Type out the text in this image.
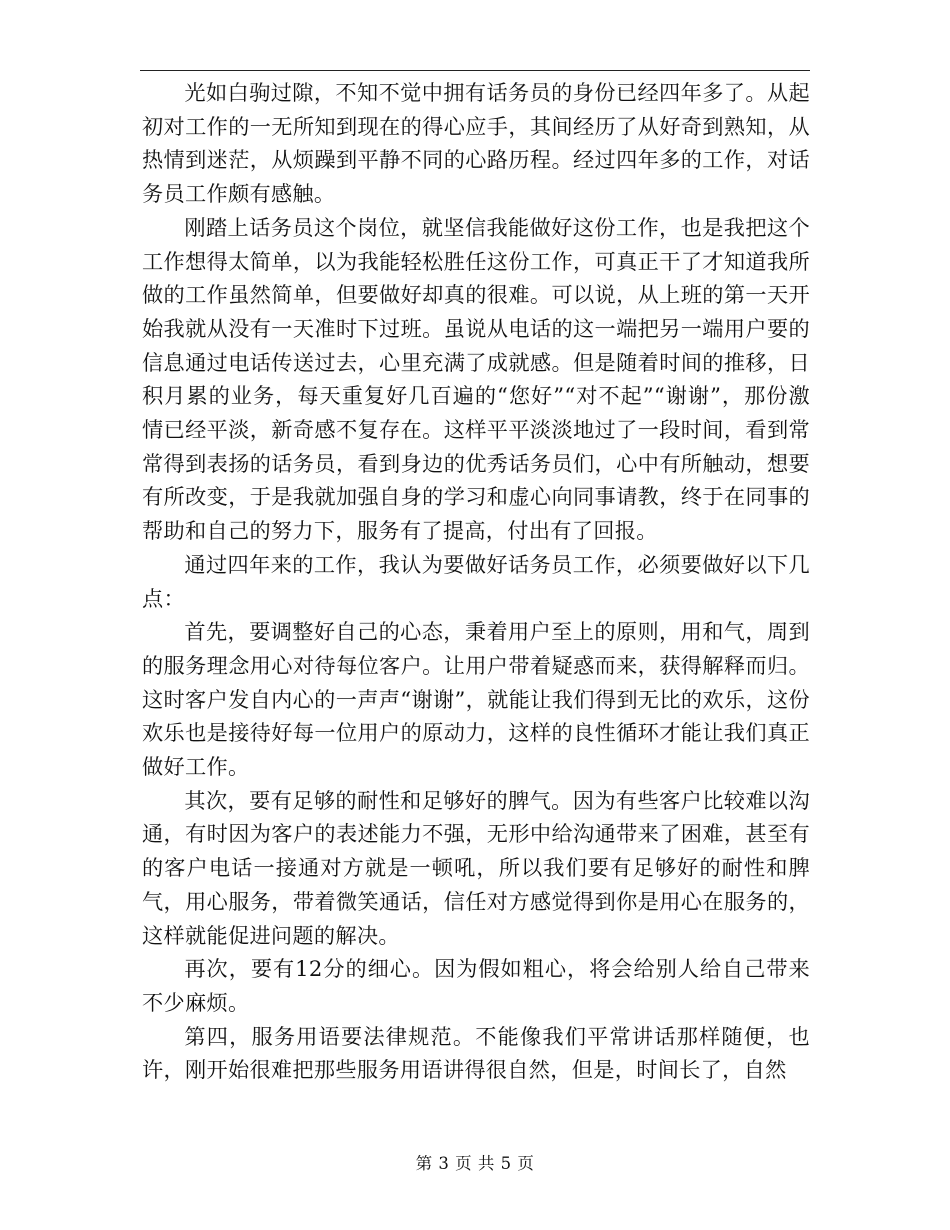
光如白驹过隙，不知不觉中拥有话务员的身份已经四年多了。从起初对工作的一无所知到现在的得心应手，其间经历了从好奇到熟知，从热情到迷茫，从烦躁到平静不同的心路历程。经过四年多的工作，对话务员工作颇有感触。

刚踏上话务员这个岗位，就坚信我能做好这份工作，也是我把这个工作想得太简单，以为我能轻松胜任这份工作，可真正干了才知道我所做的工作虽然简单，但要做好却真的很难。可以说，从上班的第一天开始我就从没有一天准时下过班。虽说从电话的这一端把另一端用户要的信息通过电话传送过去，心里充满了成就感。但是随着时间的推移，日积月累的业务，每天重复好几百遍的“您好”“对不起”“谢谢”，那份激情已经平淡，新奇感不复存在。这样平平淡淡地过了一段时间，看到常常得到表扬的话务员，看到身边的优秀话务员们，心中有所触动，想要有所改变，于是我就加强自身的学习和虚心向同事请教，终于在同事的帮助和自己的努力下，服务有了提高，付出有了回报。

通过四年来的工作，我认为要做好话务员工作，必须要做好以下几点：

首先，要调整好自己的心态，秉着用户至上的原则，用和气，周到的服务理念用心对待每位客户。让用户带着疑惑而来，获得解释而归。这时客户发自内心的一声声“谢谢”，就能让我们得到无比的欢乐，这份欢乐也是接待好每一位用户的原动力，这样的良性循环才能让我们真正做好工作。

其次，要有足够的耐性和足够好的脾气。因为有些客户比较难以沟通，有时因为客户的表述能力不强，无形中给沟通带来了困难，甚至有的客户电话一接通对方就是一顿吼，所以我们要有足够好的耐性和脾气，用心服务，带着微笑通话，信任对方感觉得到你是用心在服务的，这样就能促进问题的解决。

再次，要有12分的细心。因为假如粗心，将会给别人给自己带来不少麻烦。

第四，服务用语要法律规范。不能像我们平常讲话那样随便，也许，刚开始很难把那些服务用语讲得很自然，但是，时间长了，自然

第 3 页 共 5 页
